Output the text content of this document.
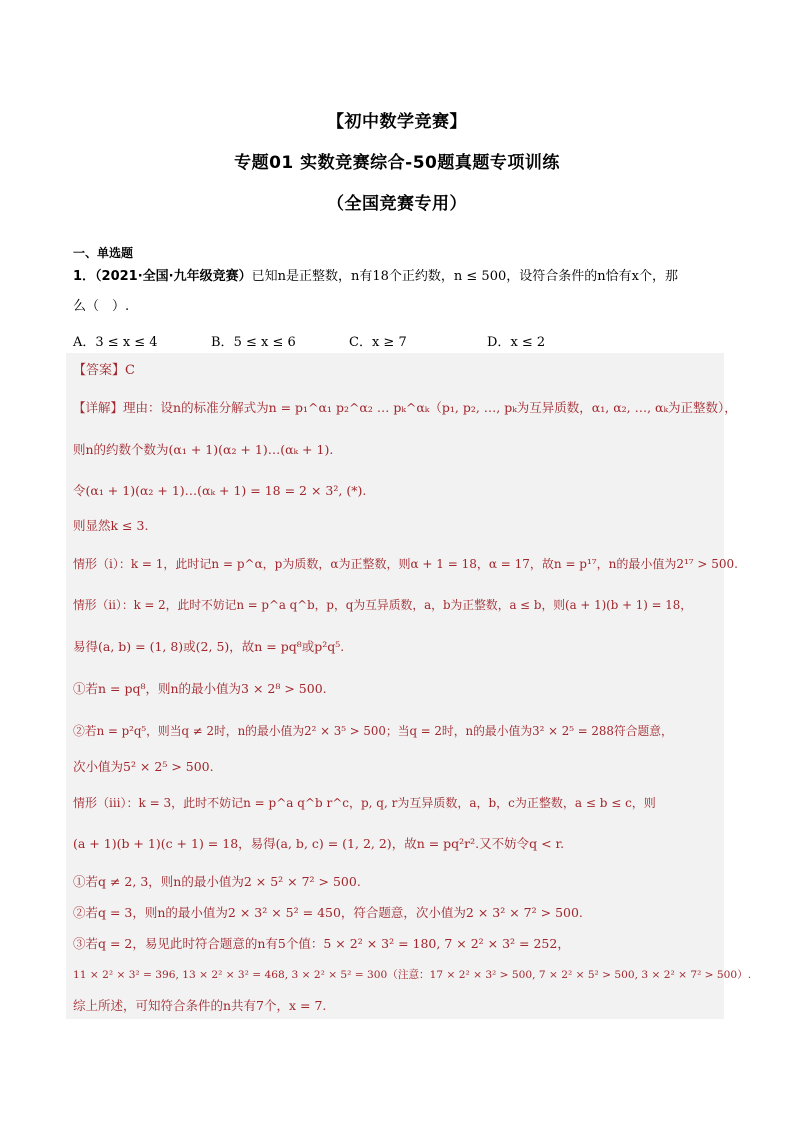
【初中数学竞赛】
专题01 实数竞赛综合-50题真题专项训练
（全国竞赛专用）
一、单选题
1．（2021·全国·九年级竞赛）已知n是正整数，n有18个正约数，n ≤ 500，设符合条件的n恰有x个，那
么（　）.
A．3 ≤ x ≤ 4	B．5 ≤ x ≤ 6	C．x ≥ 7	D．x ≤ 2
【答案】C
【详解】理由：设n的标准分解式为n = p₁^α₁ p₂^α₂ … pₖ^αₖ（p₁, p₂, …, pₖ为互异质数，α₁, α₂, …, αₖ为正整数），
则n的约数个数为(α₁ + 1)(α₂ + 1)…(αₖ + 1).
令(α₁ + 1)(α₂ + 1)…(αₖ + 1) = 18 = 2 × 3², (*).
则显然k ≤ 3.
情形（ⅰ）：k = 1，此时记n = p^α，p为质数，α为正整数，则α + 1 = 18，α = 17，故n = p¹⁷，n的最小值为2¹⁷ > 500.
情形（ⅱ）：k = 2，此时不妨记n = p^a q^b，p，q为互异质数，a，b为正整数，a ≤ b，则(a + 1)(b + 1) = 18，
易得(a, b) = (1, 8)或(2, 5)，故n = pq⁸或p²q⁵.
①若n = pq⁸，则n的最小值为3 × 2⁸ > 500.
②若n = p²q⁵，则当q ≠ 2时，n的最小值为2² × 3⁵ > 500；当q = 2时，n的最小值为3² × 2⁵ = 288符合题意，
次小值为5² × 2⁵ > 500.
情形（ⅲ）：k = 3，此时不妨记n = p^a q^b r^c，p, q, r为互异质数，a，b，c为正整数，a ≤ b ≤ c，则
(a + 1)(b + 1)(c + 1) = 18，易得(a, b, c) = (1, 2, 2)，故n = pq²r².又不妨令q < r.
①若q ≠ 2, 3，则n的最小值为2 × 5² × 7² > 500.
②若q = 3，则n的最小值为2 × 3² × 5² = 450，符合题意，次小值为2 × 3² × 7² > 500.
③若q = 2，易见此时符合题意的n有5个值：5 × 2² × 3² = 180, 7 × 2² × 3² = 252，
11 × 2² × 3² = 396, 13 × 2² × 3² = 468, 3 × 2² × 5² = 300（注意：17 × 2² × 3² > 500, 7 × 2² × 5² > 500, 3 × 2² × 7² > 500）.
综上所述，可知符合条件的n共有7个，x = 7.
